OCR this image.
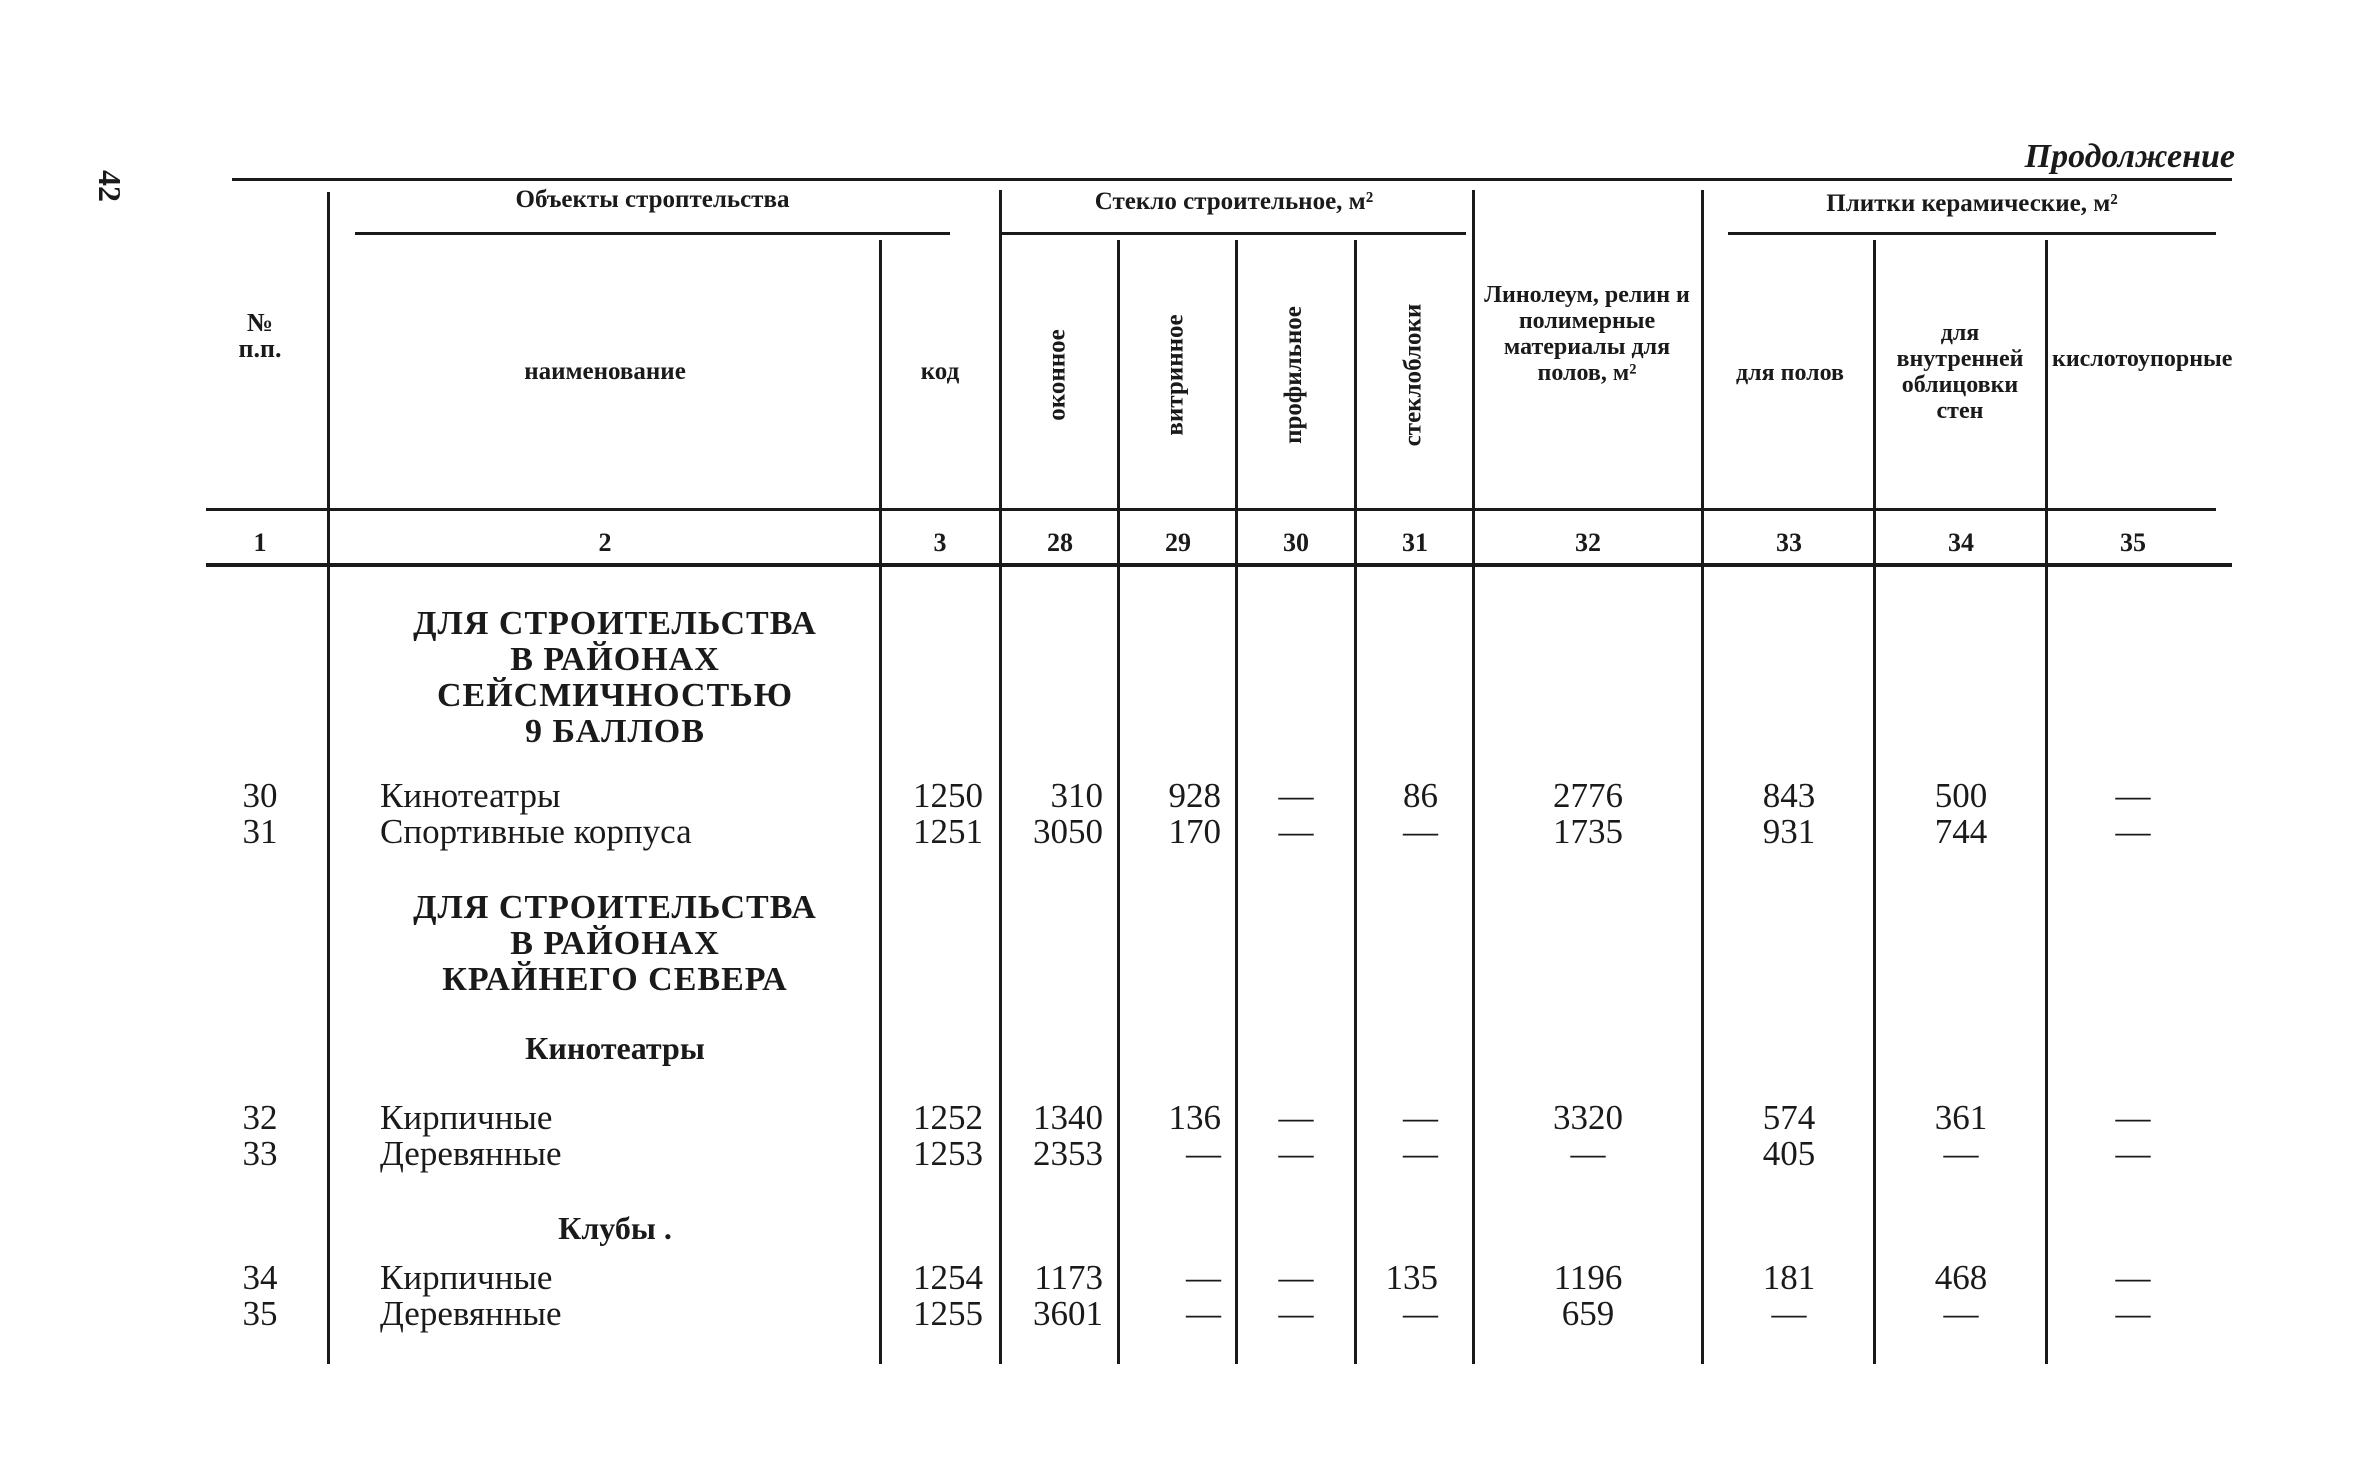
42
Продолжение
№
п.п.
Объекты строптельства
наименование	код
Стекло строительное, м²
оконное	витринное	профильное	стеклоблоки
Линолеум, релин и полимерные материалы для полов, м²
Плитки керамические, м²
для полов
для внутренней облицовки стен
кислотоупорные
1	2	3	28	29	30	31	32	33	34	35
ДЛЯ СТРОИТЕЛЬСТВА
В РАЙОНАХ
СЕЙСМИЧНОСТЬЮ
9 БАЛЛОВ
ДЛЯ СТРОИТЕЛЬСТВА
В РАЙОНАХ
КРАЙНЕГО СЕВЕРА
Кинотеатры
Клубы .
30	Кинотеатры	1250	310	928	—	86	2776	843	500	—
31	Спортивные корпуса	1251	3050	170	—	—	1735	931	744	—
32	Кирпичные	1252	1340	136	—	—	3320	574	361	—
33	Деревянные	1253	2353	—	—	—	—	405	—	—
34	Кирпичные	1254	1173	—	—	135	1196	181	468	—
35	Деревянные	1255	3601	—	—	—	659	—	—	—
